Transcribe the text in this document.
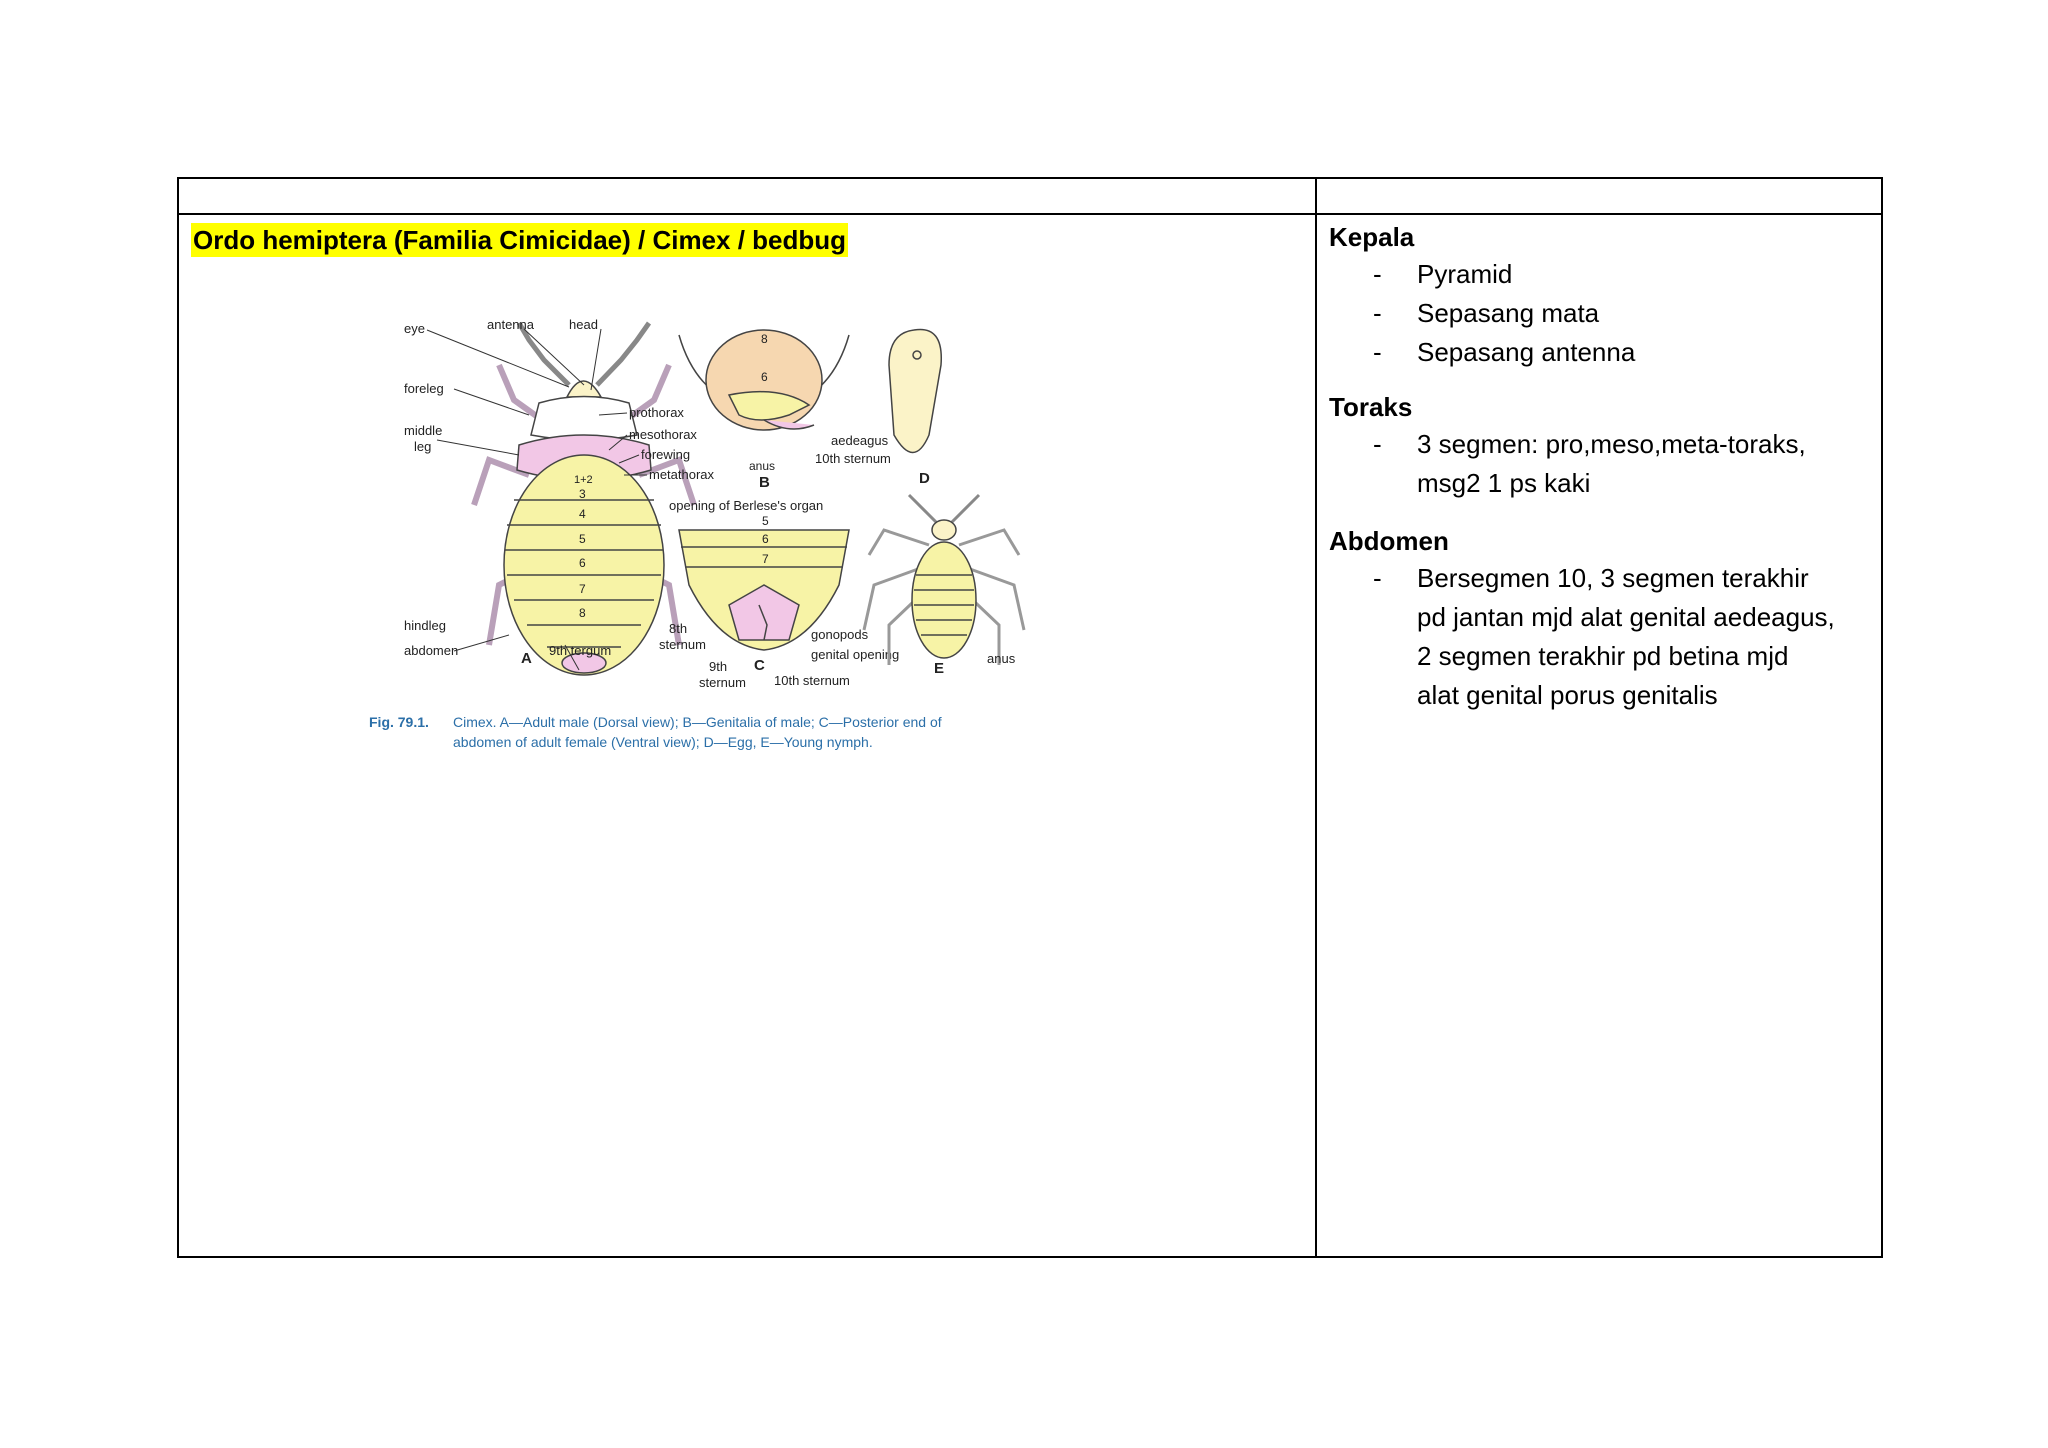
Ordo hemiptera (Familia Cimicidae) / Cimex / bedbug
eye	antenna	head
foreleg
middle
leg
prothorax
mesothorax
forewing
metathorax
hindleg
abdomen	9th tergum
1+2
3
4
5
6
7
8
A
8
6
aedeagus
10th sternum
anus
B	D
opening of Berlese's organ
5
6
7
8th
sternum
9th
sternum
gonopods
genital opening
10th sternum
C	anus
E
Fig. 79.1. Cimex. A—Adult male (Dorsal view); B—Genitalia of male; C—Posterior end of
abdomen of adult female (Ventral view); D—Egg, E—Young nymph.
Kepala
- Pyramid
- Sepasang mata
- Sepasang antenna
Toraks
- 3 segmen: pro,meso,meta-toraks, msg2 1 ps kaki
Abdomen
- Bersegmen 10, 3 segmen terakhir pd jantan mjd alat genital aedeagus, 2 segmen terakhir pd betina mjd alat genital porus genitalis
